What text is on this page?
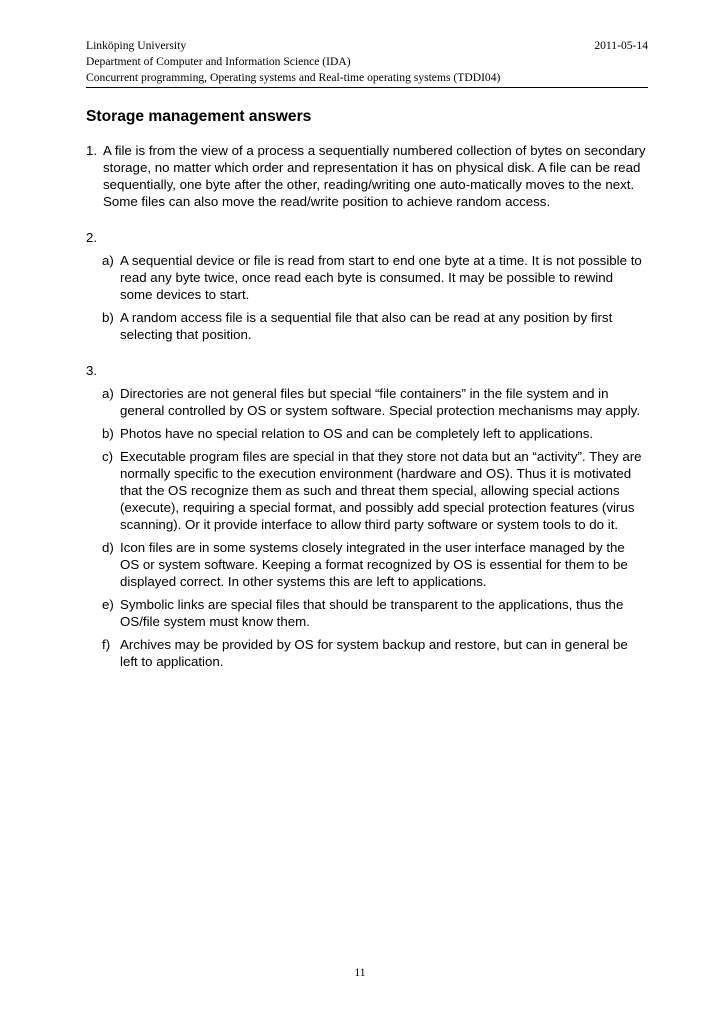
Linköping University	2011-05-14
Department of Computer and Information Science (IDA)
Concurrent programming, Operating systems and Real-time operating systems (TDDI04)
Storage management answers
1. A file is from the view of a process a sequentially numbered collection of bytes on secondary storage, no matter which order and representation it has on physical disk. A file can be read sequentially, one byte after the other, reading/writing one auto-matically moves to the next. Some files can also move the read/write position to achieve random access.
2.
a) A sequential device or file is read from start to end one byte at a time. It is not possible to read any byte twice, once read each byte is consumed. It may be possible to rewind some devices to start.
b) A random access file is a sequential file that also can be read at any position by first selecting that position.
3.
a) Directories are not general files but special “file containers” in the file system and in general controlled by OS or system software. Special protection mechanisms may apply.
b) Photos have no special relation to OS and can be completely left to applications.
c) Executable program files are special in that they store not data but an “activity”. They are normally specific to the execution environment (hardware and OS). Thus it is motivated that the OS recognize them as such and threat them special, allowing special actions (execute), requiring a special format, and possibly add special protection features (virus scanning). Or it provide interface to allow third party software or system tools to do it.
d) Icon files are in some systems closely integrated in the user interface managed by the OS or system software. Keeping a format recognized by OS is essential for them to be displayed correct. In other systems this are left to applications.
e) Symbolic links are special files that should be transparent to the applications, thus the OS/file system must know them.
f) Archives may be provided by OS for system backup and restore, but can in general be left to application.
11
